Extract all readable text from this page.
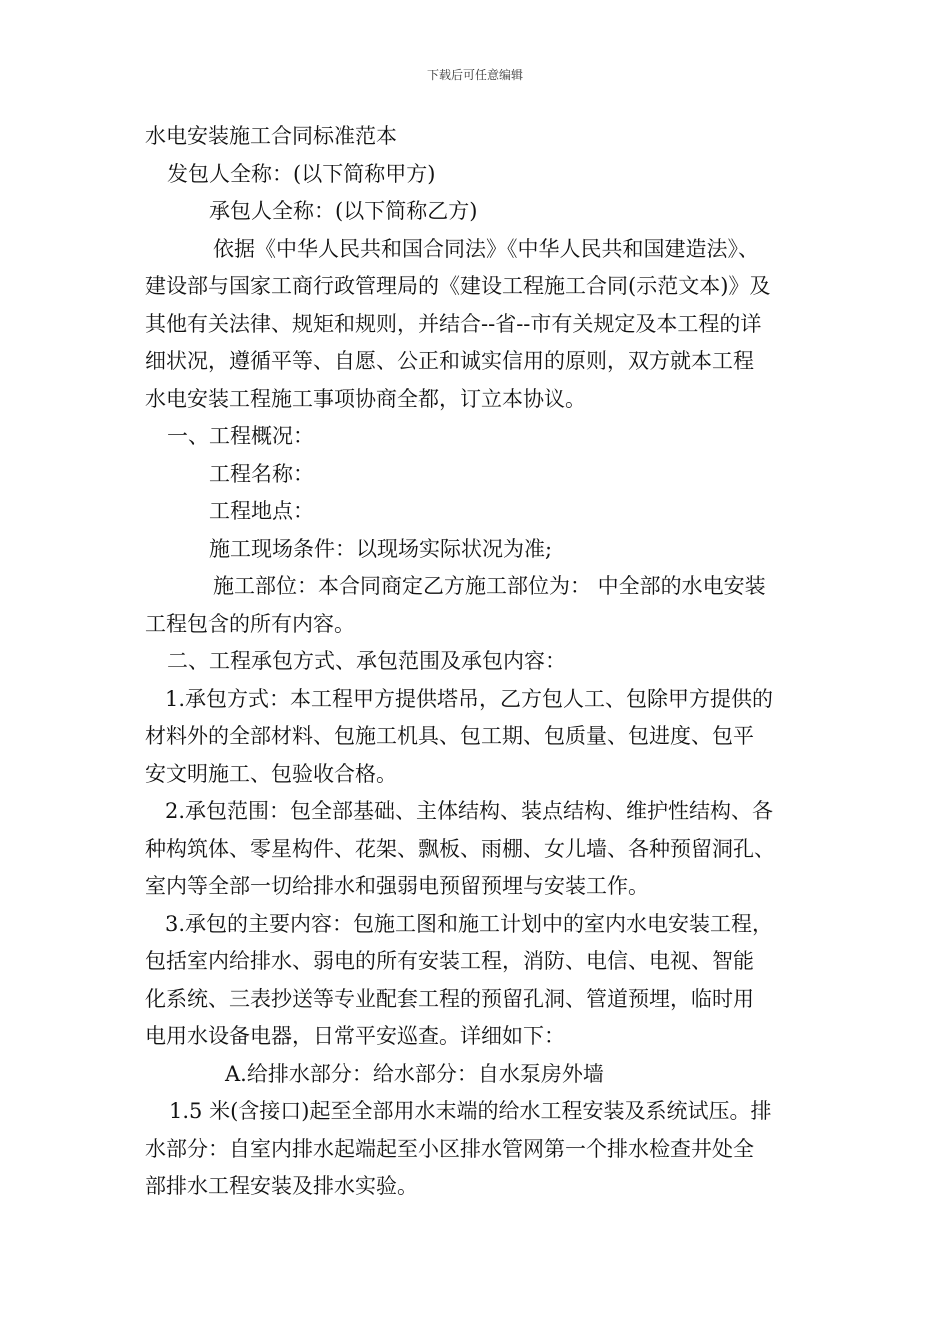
下载后可任意编辑
水电安装施工合同标准范本
发包人全称：(以下简称甲方)
承包人全称：(以下简称乙方)
依据《中华人民共和国合同法》《中华人民共和国建造法》、
建设部与国家工商行政管理局的《建设工程施工合同(示范文本)》及
其他有关法律、规矩和规则，并结合--省--市有关规定及本工程的详
细状况，遵循平等、自愿、公正和诚实信用的原则，双方就本工程
水电安装工程施工事项协商全都，订立本协议。
一、工程概况：
工程名称：
工程地点：
施工现场条件：以现场实际状况为准;
施工部位：本合同商定乙方施工部位为： 中全部的水电安装
工程包含的所有内容。
二、工程承包方式、承包范围及承包内容：
1.承包方式：本工程甲方提供塔吊，乙方包人工、包除甲方提供的
材料外的全部材料、包施工机具、包工期、包质量、包进度、包平
安文明施工、包验收合格。
2.承包范围：包全部基础、主体结构、装点结构、维护性结构、各
种构筑体、零星构件、花架、飘板、雨棚、女儿墙、各种预留洞孔、
室内等全部一切给排水和强弱电预留预埋与安装工作。
3.承包的主要内容：包施工图和施工计划中的室内水电安装工程，
包括室内给排水、弱电的所有安装工程，消防、电信、电视、智能
化系统、三表抄送等专业配套工程的预留孔洞、管道预埋，临时用
电用水设备电器，日常平安巡查。详细如下：
A.给排水部分：给水部分：自水泵房外墙
1.5 米(含接口)起至全部用水末端的给水工程安装及系统试压。排
水部分：自室内排水起端起至小区排水管网第一个排水检查井处全
部排水工程安装及排水实验。
